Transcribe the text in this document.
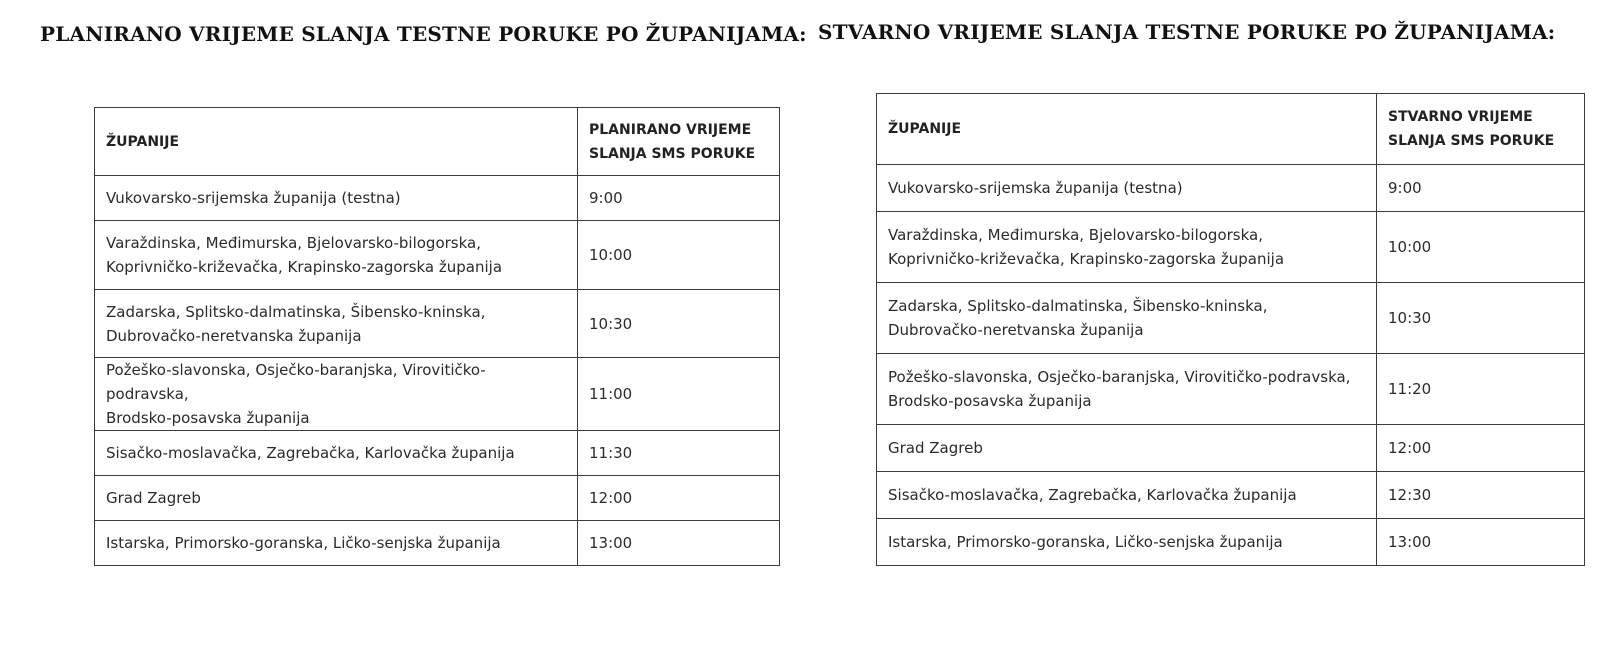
PLANIRANO VRIJEME SLANJA TESTNE PORUKE PO ŽUPANIJAMA: STVARNO VRIJEME SLANJA TESTNE PORUKE PO ŽUPANIJAMA:
ŽUPANIJE	PLANIRANO VRIJEME
SLANJA SMS PORUKE
Vukovarsko-srijemska županija (testna)	9:00
Varaždinska, Međimurska, Bjelovarsko-bilogorska,
Koprivničko-križevačka, Krapinsko-zagorska županija	10:00
Zadarska, Splitsko-dalmatinska, Šibensko-kninska,
Dubrovačko-neretvanska županija	10:30
Požeško-slavonska, Osječko-baranjska, Virovitičko-podravska,
Brodsko-posavska županija	11:00
Sisačko-moslavačka, Zagrebačka, Karlovačka županija	11:30
Grad Zagreb	12:00
Istarska, Primorsko-goranska, Ličko-senjska županija	13:00
ŽUPANIJE	STVARNO VRIJEME
SLANJA SMS PORUKE
Vukovarsko-srijemska županija (testna)	9:00
Varaždinska, Međimurska, Bjelovarsko-bilogorska,
Koprivničko-križevačka, Krapinsko-zagorska županija	10:00
Zadarska, Splitsko-dalmatinska, Šibensko-kninska,
Dubrovačko-neretvanska županija	10:30
Požeško-slavonska, Osječko-baranjska, Virovitičko-podravska,
Brodsko-posavska županija	11:20
Grad Zagreb	12:00
Sisačko-moslavačka, Zagrebačka, Karlovačka županija	12:30
Istarska, Primorsko-goranska, Ličko-senjska županija	13:00
